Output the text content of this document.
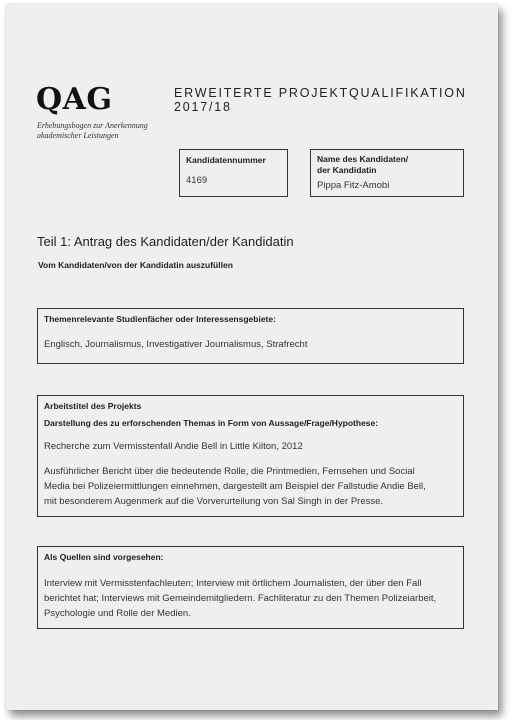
QAG
Erhebungsbogen zur Anerkennung
akademischer Leistungen
ERWEITERTE PROJEKTQUALIFIKATION 2017/18
Kandidatennummer
4169
Name des Kandidaten/
der Kandidatin
Pippa Fitz-Amobi
Teil 1: Antrag des Kandidaten/der Kandidatin
Vom Kandidaten/von der Kandidatin auszufüllen
Themenrelevante Studienfächer oder Interessensgebiete:
Englisch, Journalismus, Investigativer Journalismus, Strafrecht
Arbeitstitel des Projekts
Darstellung des zu erforschenden Themas in Form von Aussage/Frage/Hypothese:
Recherche zum Vermisstenfall Andie Bell in Little Kilton, 2012
Ausführlicher Bericht über die bedeutende Rolle, die Printmedien, Fernsehen und Social
Media bei Polizeiermittlungen einnehmen, dargestellt am Beispiel der Fallstudie Andie Bell,
mit besonderem Augenmerk auf die Vorverurteilung von Sal Singh in der Presse.
Als Quellen sind vorgesehen:
Interview mit Vermisstenfachleuten; Interview mit örtlichem Journalisten, der über den Fall
berichtet hat; Interviews mit Gemeindemitgliedern. Fachliteratur zu den Themen Polizeiarbeit,
Psychologie und Rolle der Medien.
